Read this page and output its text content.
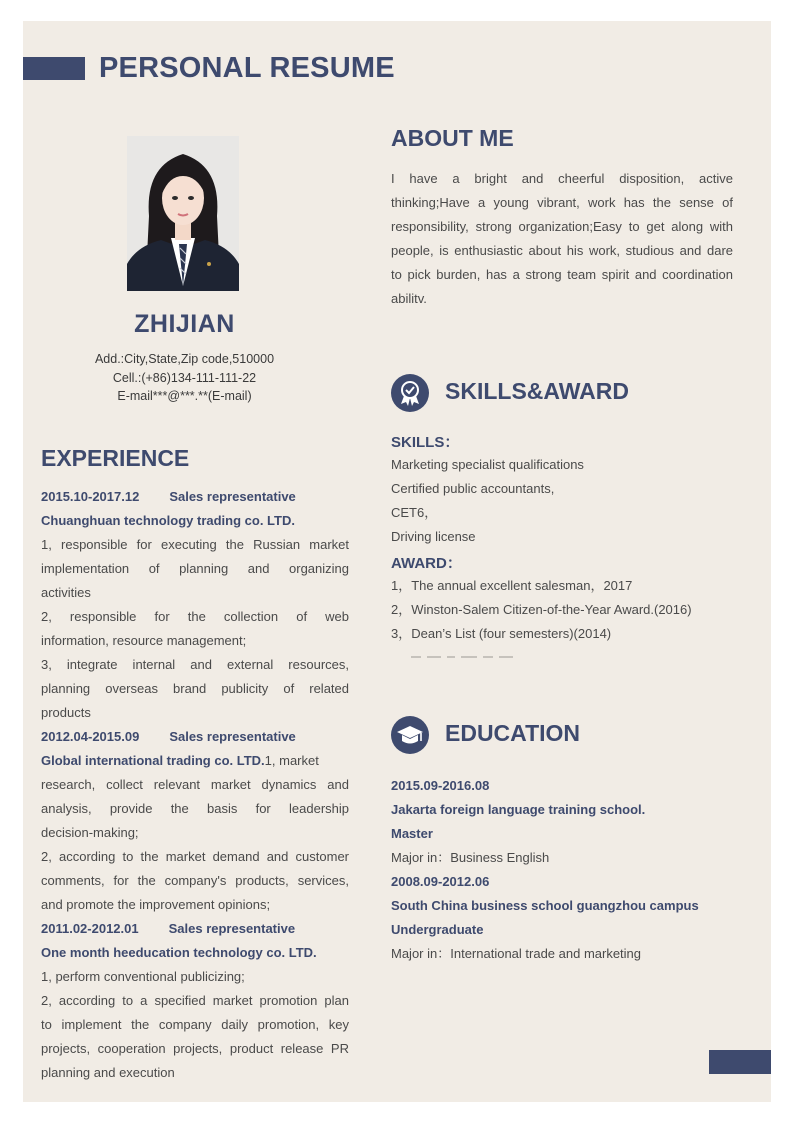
PERSONAL RESUME
ZHIJIAN
Add.:City,State,Zip code,510000
Cell.:(+86)134-111-111-22
E-mail***@***.**(E-mail)
ABOUT ME
I have a bright and cheerful disposition, active
thinking;Have a young vibrant, work has the sense of
responsibility, strong organization;Easy to get along with
people, is enthusiastic about his work, studious and dare
to pick burden, has a strong team spirit and coordination
abilitv.
EXPERIENCE
2015.10-2017.12 Sales representative
Chuanghuan technology trading co. LTD.
1, responsible for executing the Russian market
implementation of planning and organizing
activities
2, responsible for the collection of web
information, resource management;
3, integrate internal and external resources,
planning overseas brand publicity of related
products
2012.04-2015.09 Sales representative
Global international trading co. LTD.1, market
research, collect relevant market dynamics and
analysis, provide the basis for leadership
decision-making;
2, according to the market demand and customer
comments, for the company's products, services,
and promote the improvement opinions;
2011.02-2012.01 Sales representative
One month heeducation technology co. LTD.
1, perform conventional publicizing;
2, according to a specified market promotion plan
to implement the company daily promotion, key
projects, cooperation projects, product release PR
planning and execution
SKILLS&AWARD
SKILLS：
Marketing specialist qualifications
Certified public accountants,
CET6，
Driving license
AWARD：
1，The annual excellent salesman，2017
2，Winston-Salem Citizen-of-the-Year Award.(2016)
3，Dean’s List (four semesters)(2014)
EDUCATION
2015.09-2016.08
Jakarta foreign language training school.
Master
Major in：Business English
2008.09-2012.06
South China business school guangzhou campus
Undergraduate
Major in：International trade and marketing
